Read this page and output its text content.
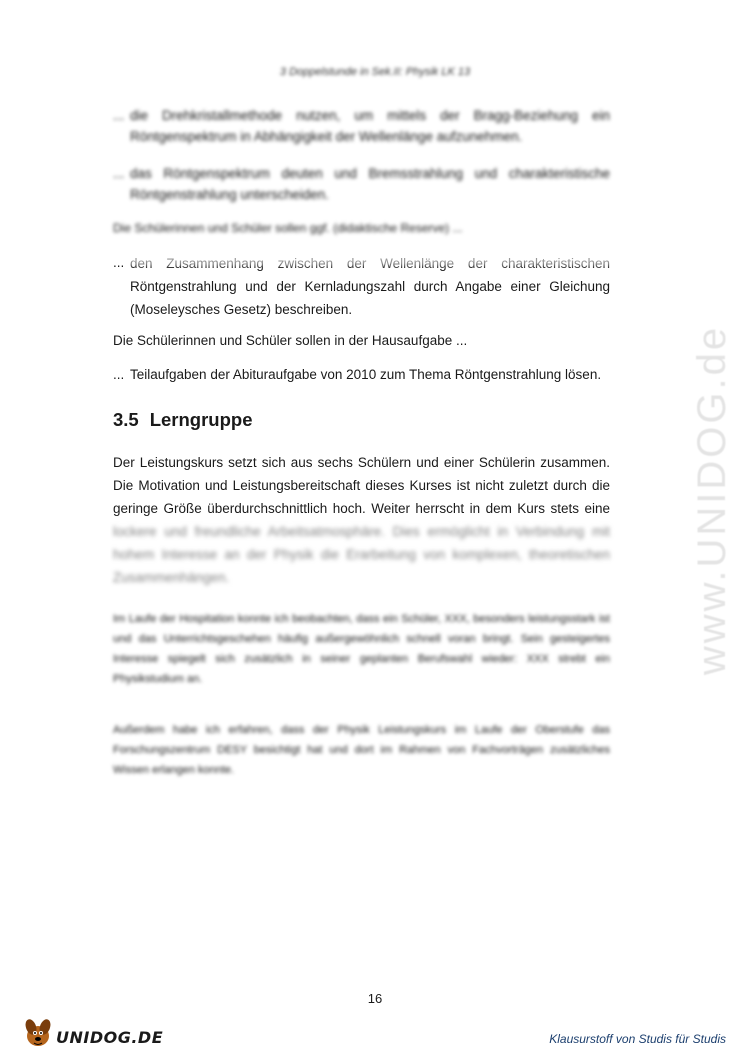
3 Doppelstunde in Sek.II: Physik LK 13
... die Drehkristallmethode nutzen, um mittels der Bragg-Beziehung ein Röntgenspektrum in Abhängigkeit der Wellenlänge aufzunehmen.
... das Röntgenspektrum deuten und Bremsstrahlung und charakteristische Röntgenstrahlung unterscheiden.
Die Schülerinnen und Schüler sollen ggf. (didaktische Reserve) ...
...
Röntgenstrahlung und der Kernladungszahl durch Angabe einer Gleichung (Moseleysches Gesetz) beschreiben.
Die Schülerinnen und Schüler sollen in der Hausaufgabe ...
... Teilaufgaben der Abituraufgabe von 2010 zum Thema Röntgenstrahlung lösen.
3.5 Lerngruppe
Der Leistungskurs setzt sich aus sechs Schülern und einer Schülerin zusammen. Die Motivation und Leistungsbereitschaft dieses Kurses ist nicht zuletzt durch die geringe Größe überdurchschnittlich hoch. Weiter herrscht in dem Kurs stets eine lockere und freundliche Arbeitsatmosphäre. Dies ermöglicht in Verbindung mit hohem Interesse an der Physik die Erarbeitung von komplexen, theoretischen Zusammenhängen.
Im Laufe der Hospitation konnte ich beobachten, dass ein Schüler, XXX, besonders leistungsstark ist und das Unterrichtsgeschehen häufig außergewöhnlich schnell voran bringt. Sein gesteigertes Interesse spiegelt sich zusätzlich in seiner geplanten Berufswahl wieder: XXX strebt ein Physikstudium an.
Außerdem habe ich erfahren, dass der Physik Leistungskurs im Laufe der Oberstufe das Forschungszentrum DESY besichtigt hat und dort im Rahmen von Fachvorträgen zusätzliches Wissen erlangen konnte.
16
www.UNIDOG.de
UNIDOG.DE	Klausurstoff von Studis für Studis
